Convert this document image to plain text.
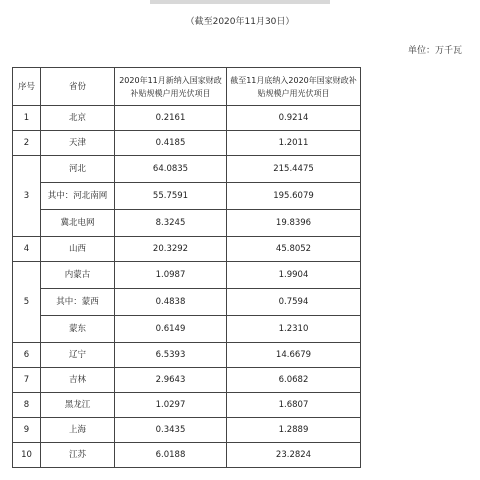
（截至2020年11月30日）
单位：万千瓦
序号	省份	2020年11月新纳入国家财政补贴规模户用光伏项目	截至11月底纳入2020年国家财政补贴规模户用光伏项目
1	北京	0.2161	0.9214
2	天津	0.4185	1.2011
3	河北	64.0835	215.4475
	其中：河北南网	55.7591	195.6079
	冀北电网	8.3245	19.8396
4	山西	20.3292	45.8052
5	内蒙古	1.0987	1.9904
	其中：蒙西	0.4838	0.7594
	蒙东	0.6149	1.2310
6	辽宁	6.5393	14.6679
7	吉林	2.9643	6.0682
8	黑龙江	1.0297	1.6807
9	上海	0.3435	1.2889
10	江苏	6.0188	23.2824
